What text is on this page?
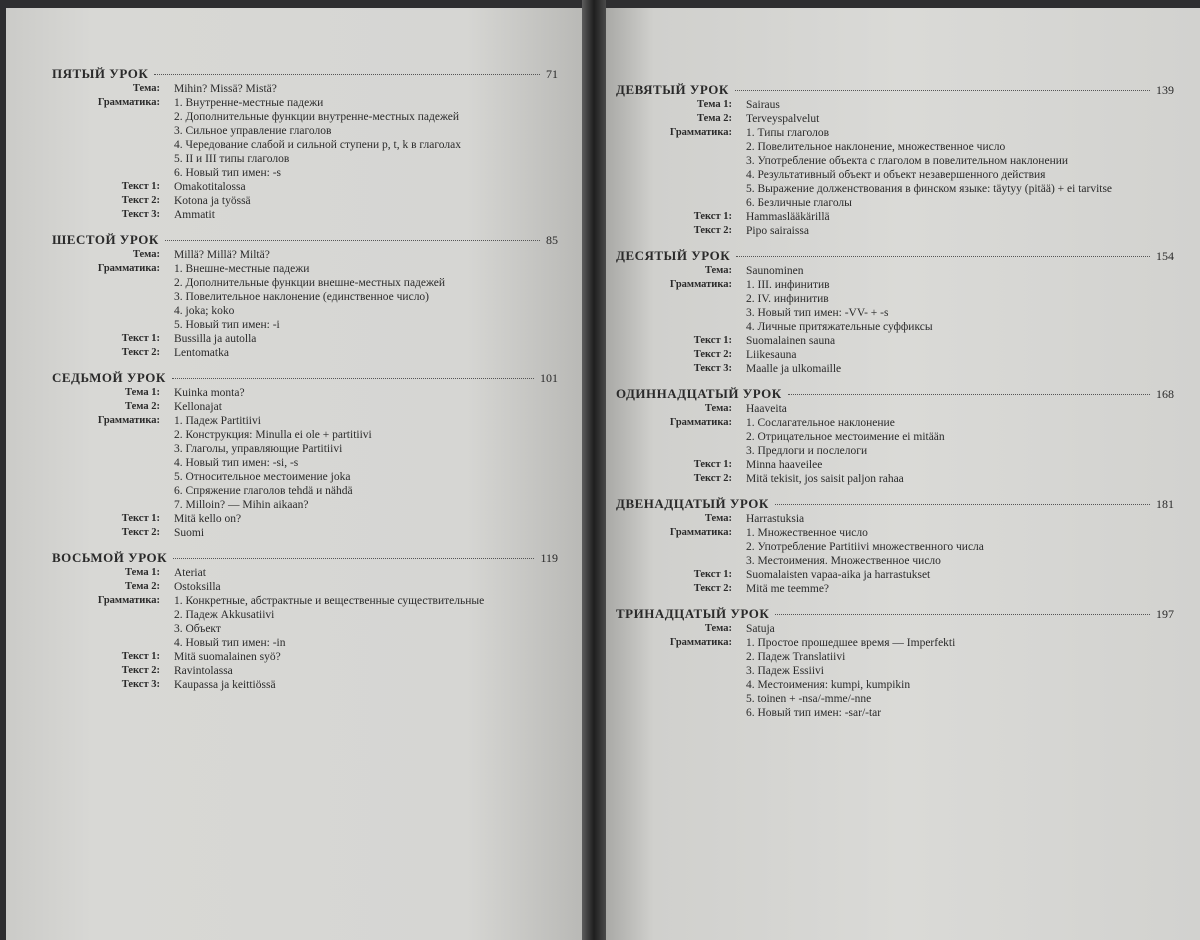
ПЯТЫЙ УРОК	71
Тема:	Mihin? Missä? Mistä?
Грамматика:	1. Внутренне-местные падежи
2. Дополнительные функции внутренне-местных падежей
3. Сильное управление глаголов
4. Чередование слабой и сильной ступени p, t, k в глаголах
5. II и III типы глаголов
6. Новый тип имен: -s
Текст 1:	Omakotitalossa
Текст 2:	Kotona ja työssä
Текст 3:	Ammatit
ШЕСТОЙ УРОК	85
Тема:	Millä? Millä? Miltä?
Грамматика:	1. Внешне-местные падежи
2. Дополнительные функции внешне-местных падежей
3. Повелительное наклонение (единственное число)
4. joka; koko
5. Новый тип имен: -i
Текст 1:	Bussilla ja autolla
Текст 2:	Lentomatka
СЕДЬМОЙ УРОК	101
Тема 1:	Kuinka monta?
Тема 2:	Kellonajat
Грамматика:	1. Падеж Partitiivi
2. Конструкция: Minulla ei ole + partitiivi
3. Глаголы, управляющие Partitiivi
4. Новый тип имен: -si, -s
5. Относительное местоимение joka
6. Спряжение глаголов tehdä и nähdä
7. Milloin? — Mihin aikaan?
Текст 1:	Mitä kello on?
Текст 2:	Suomi
ВОСЬМОЙ УРОК	119
Тема 1:	Ateriat
Тема 2:	Ostoksilla
Грамматика:	1. Конкретные, абстрактные и вещественные существительные
2. Падеж Akkusatiivi
3. Объект
4. Новый тип имен: -in
Текст 1:	Mitä suomalainen syö?
Текст 2:	Ravintolassa
Текст 3:	Kaupassa ja keittiössä
ДЕВЯТЫЙ УРОК	139
Тема 1:	Sairaus
Тема 2:	Terveyspalvelut
Грамматика:	1. Типы глаголов
2. Повелительное наклонение, множественное число
3. Употребление объекта с глаголом в повелительном наклонении
4. Результативный объект и объект незавершенного действия
5. Выражение долженствования в финском языке: täytyy (pitää) + ei tarvitse
6. Безличные глаголы
Текст 1:	Hammaslääkärillä
Текст 2:	Pipo sairaissa
ДЕСЯТЫЙ УРОК	154
Тема:	Saunominen
Грамматика:	1. III. инфинитив
2. IV. инфинитив
3. Новый тип имен: -VV- + -s
4. Личные притяжательные суффиксы
Текст 1:	Suomalainen sauna
Текст 2:	Liikesauna
Текст 3:	Maalle ja ulkomaille
ОДИННАДЦАТЫЙ УРОК	168
Тема:	Haaveita
Грамматика:	1. Сослагательное наклонение
2. Отрицательное местоимение ei mitään
3. Предлоги и послелоги
Текст 1:	Minna haaveilee
Текст 2:	Mitä tekisit, jos saisit paljon rahaa
ДВЕНАДЦАТЫЙ УРОК	181
Тема:	Harrastuksia
Грамматика:	1. Множественное число
2. Употребление Partitiivi множественного числа
3. Местоимения. Множественное число
Текст 1:	Suomalaisten vapaa-aika ja harrastukset
Текст 2:	Mitä me teemme?
ТРИНАДЦАТЫЙ УРОК	197
Тема:	Satuja
Грамматика:	1. Простое прошедшее время — Imperfekti
2. Падеж Translatiivi
3. Падеж Essiivi
4. Местоимения: kumpi, kumpikin
5. toinen + -nsa/-mme/-nne
6. Новый тип имен: -sar/-tar
